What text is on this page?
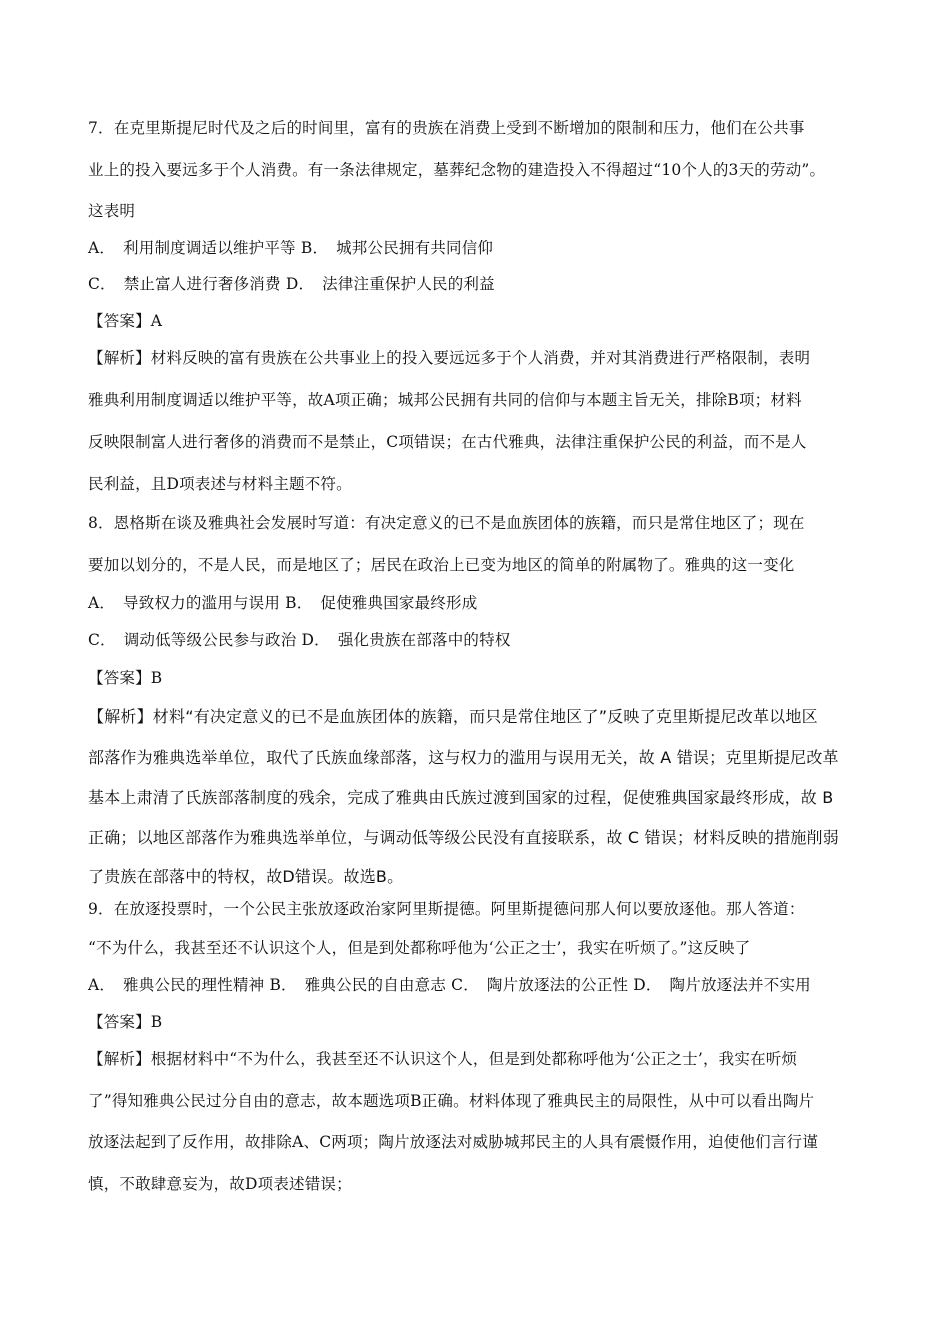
7．在克里斯提尼时代及之后的时间里，富有的贵族在消费上受到不断增加的限制和压力，他们在公共事
业上的投入要远多于个人消费。有一条法律规定，墓葬纪念物的建造投入不得超过“10个人的3天的劳动”。
这表明
A．　利用制度调适以维护平等 B．　城邦公民拥有共同信仰
C．　禁止富人进行奢侈消费 D．　法律注重保护人民的利益
【答案】A
【解析】材料反映的富有贵族在公共事业上的投入要远远多于个人消费，并对其消费进行严格限制，表明
雅典利用制度调适以维护平等，故A项正确；城邦公民拥有共同的信仰与本题主旨无关，排除B项；材料
反映限制富人进行奢侈的消费而不是禁止，C项错误；在古代雅典，法律注重保护公民的利益，而不是人
民利益，且D项表述与材料主题不符。
8．恩格斯在谈及雅典社会发展时写道：有决定意义的已不是血族团体的族籍，而只是常住地区了；现在
要加以划分的，不是人民，而是地区了；居民在政治上已变为地区的简单的附属物了。雅典的这一变化
A．　导致权力的滥用与误用 B．　促使雅典国家最终形成
C．　调动低等级公民参与政治 D．　强化贵族在部落中的特权
【答案】B
【解析】材料“有决定意义的已不是血族团体的族籍，而只是常住地区了”反映了克里斯提尼改革以地区
部落作为雅典选举单位，取代了氏族血缘部落，这与权力的滥用与误用无关，故 A 错误；克里斯提尼改革
基本上肃清了氏族部落制度的残余，完成了雅典由氏族过渡到国家的过程，促使雅典国家最终形成，故 B
正确；以地区部落作为雅典选举单位，与调动低等级公民没有直接联系，故 C 错误；材料反映的措施削弱
了贵族在部落中的特权，故D错误。故选B。
9．在放逐投票时，一个公民主张放逐政治家阿里斯提德。阿里斯提德问那人何以要放逐他。那人答道：
“不为什么，我甚至还不认识这个人，但是到处都称呼他为‘公正之士’，我实在听烦了。”这反映了
A．　雅典公民的理性精神 B．　雅典公民的自由意志 C．　陶片放逐法的公正性 D．　陶片放逐法并不实用
【答案】B
【解析】根据材料中“不为什么，我甚至还不认识这个人，但是到处都称呼他为‘公正之士’，我实在听烦
了”得知雅典公民过分自由的意志，故本题选项B正确。材料体现了雅典民主的局限性，从中可以看出陶片
放逐法起到了反作用，故排除A、C两项；陶片放逐法对威胁城邦民主的人具有震慑作用，迫使他们言行谨
慎，不敢肆意妄为，故D项表述错误；
